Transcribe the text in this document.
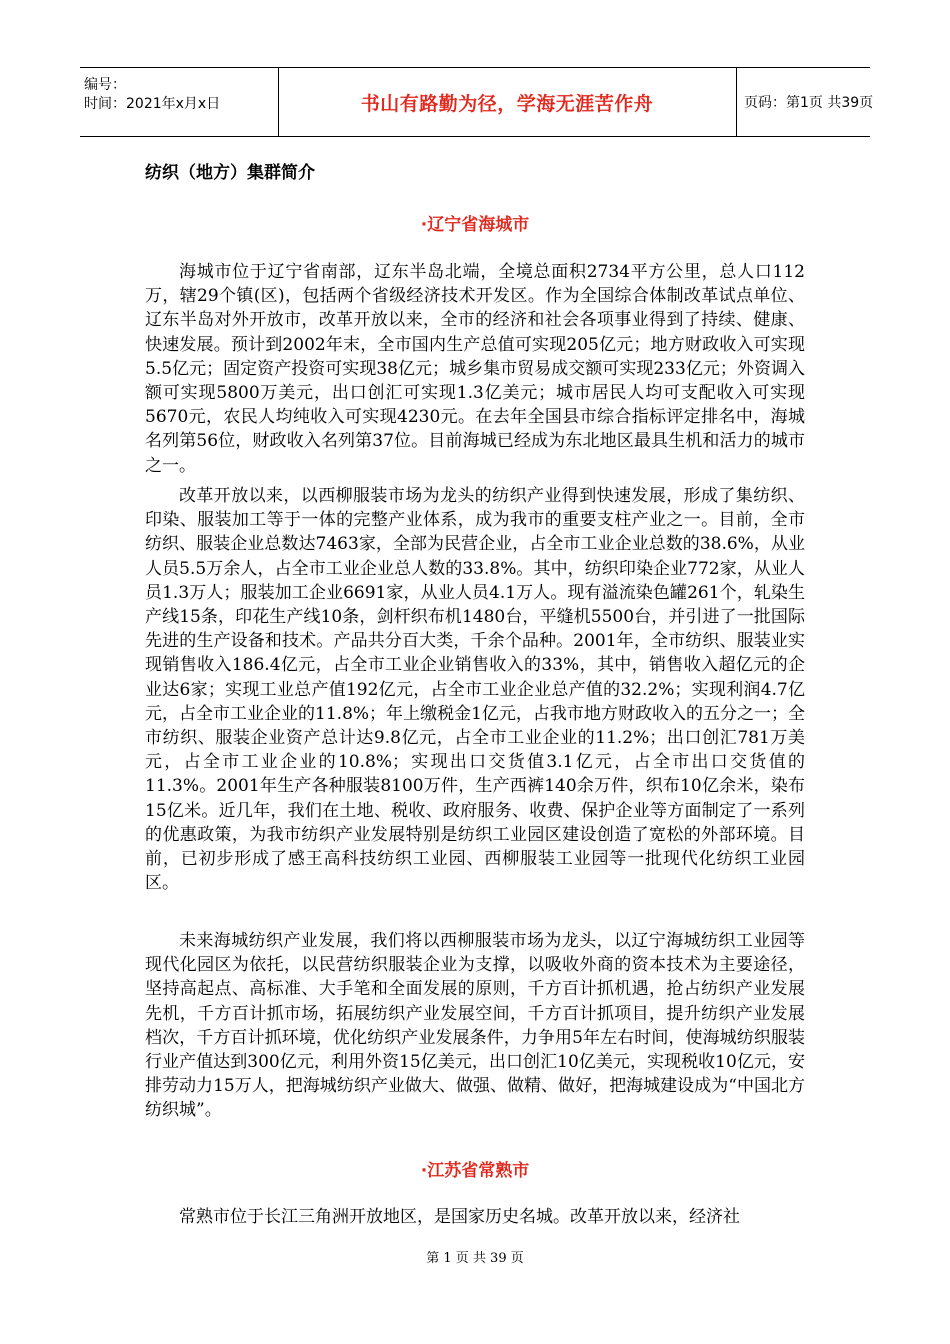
编号：
时间：2021年x月x日	书山有路勤为径，学海无涯苦作舟	页码：第1页 共39页
纺织（地方）集群简介
·辽宁省海城市

海城市位于辽宁省南部，辽东半岛北端，全境总面积2734平方公里，总人口112万，辖29个镇(区)，包括两个省级经济技术开发区。作为全国综合体制改革试点单位、辽东半岛对外开放市，改革开放以来，全市的经济和社会各项事业得到了持续、健康、快速发展。预计到2002年末，全市国内生产总值可实现205亿元；地方财政收入可实现5.5亿元；固定资产投资可实现38亿元；城乡集市贸易成交额可实现233亿元；外资调入额可实现5800万美元，出口创汇可实现1.3亿美元；城市居民人均可支配收入可实现5670元，农民人均纯收入可实现4230元。在去年全国县市综合指标评定排名中，海城名列第56位，财政收入名列第37位。目前海城已经成为东北地区最具生机和活力的城市之一。

改革开放以来，以西柳服装市场为龙头的纺织产业得到快速发展，形成了集纺织、印染、服装加工等于一体的完整产业体系，成为我市的重要支柱产业之一。目前，全市纺织、服装企业总数达7463家，全部为民营企业，占全市工业企业总数的38.6%，从业人员5.5万余人，占全市工业企业总人数的33.8%。其中，纺织印染企业772家，从业人员1.3万人；服装加工企业6691家，从业人员4.1万人。现有溢流染色罐261个，轧染生产线15条，印花生产线10条，剑杆织布机1480台，平缝机5500台，并引进了一批国际先进的生产设备和技术。产品共分百大类，千余个品种。2001年，全市纺织、服装业实现销售收入186.4亿元，占全市工业企业销售收入的33%，其中，销售收入超亿元的企业达6家；实现工业总产值192亿元，占全市工业企业总产值的32.2%；实现利润4.7亿元，占全市工业企业的11.8%；年上缴税金1亿元，占我市地方财政收入的五分之一；全市纺织、服装企业资产总计达9.8亿元，占全市工业企业的11.2%；出口创汇781万美元，占全市工业企业的10.8%；实现出口交货值3.1亿元，占全市出口交货值的11.3%。2001年生产各种服装8100万件，生产西裤140余万件，织布10亿余米，染布15亿米。近几年，我们在土地、税收、政府服务、收费、保护企业等方面制定了一系列的优惠政策，为我市纺织产业发展特别是纺织工业园区建设创造了宽松的外部环境。目前，已初步形成了感王高科技纺织工业园、西柳服装工业园等一批现代化纺织工业园区。

未来海城纺织产业发展，我们将以西柳服装市场为龙头，以辽宁海城纺织工业园等现代化园区为依托，以民营纺织服装企业为支撑，以吸收外商的资本技术为主要途径，坚持高起点、高标准、大手笔和全面发展的原则，千方百计抓机遇，抢占纺织产业发展先机，千方百计抓市场，拓展纺织产业发展空间，千方百计抓项目，提升纺织产业发展档次，千方百计抓环境，优化纺织产业发展条件，力争用5年左右时间，使海城纺织服装行业产值达到300亿元，利用外资15亿美元，出口创汇10亿美元，实现税收10亿元，安排劳动力15万人，把海城纺织产业做大、做强、做精、做好，把海城建设成为“中国北方纺织城”。

·江苏省常熟市

常熟市位于长江三角洲开放地区，是国家历史名城。改革开放以来，经济社

第 1 页 共 39 页
